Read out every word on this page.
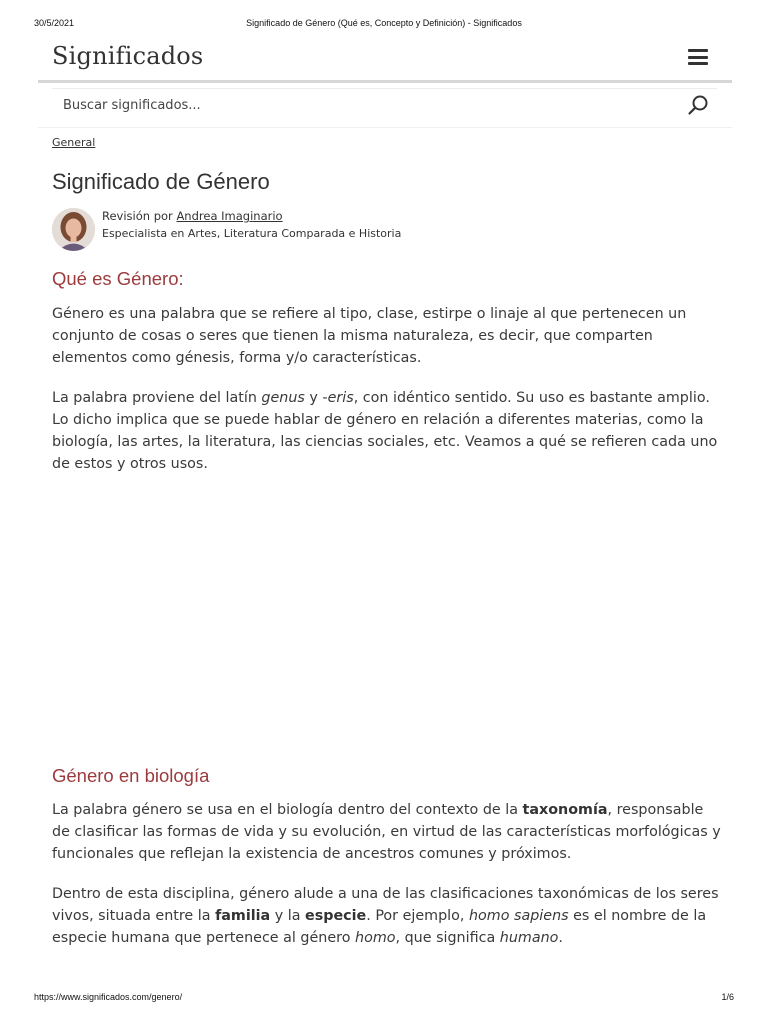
30/5/2021	Significado de Género (Qué es, Concepto y Definición) - Significados
Significados
Buscar significados...
General
Significado de Género
Revisión por Andrea Imaginario
Especialista en Artes, Literatura Comparada e Historia
Qué es Género:

Género es una palabra que se refiere al tipo, clase, estirpe o linaje al que pertenecen un conjunto de cosas o seres que tienen la misma naturaleza, es decir, que comparten elementos como génesis, forma y/o características.

La palabra proviene del latín genus y -eris, con idéntico sentido. Su uso es bastante amplio. Lo dicho implica que se puede hablar de género en relación a diferentes materias, como la biología, las artes, la literatura, las ciencias sociales, etc. Veamos a qué se refieren cada uno de estos y otros usos.

Género en biología

La palabra género se usa en el biología dentro del contexto de la taxonomía, responsable de clasificar las formas de vida y su evolución, en virtud de las características morfológicas y funcionales que reflejan la existencia de ancestros comunes y próximos.

Dentro de esta disciplina, género alude a una de las clasificaciones taxonómicas de los seres vivos, situada entre la familia y la especie. Por ejemplo, homo sapiens es el nombre de la especie humana que pertenece al género homo, que significa humano.

https://www.significados.com/genero/	1/6
